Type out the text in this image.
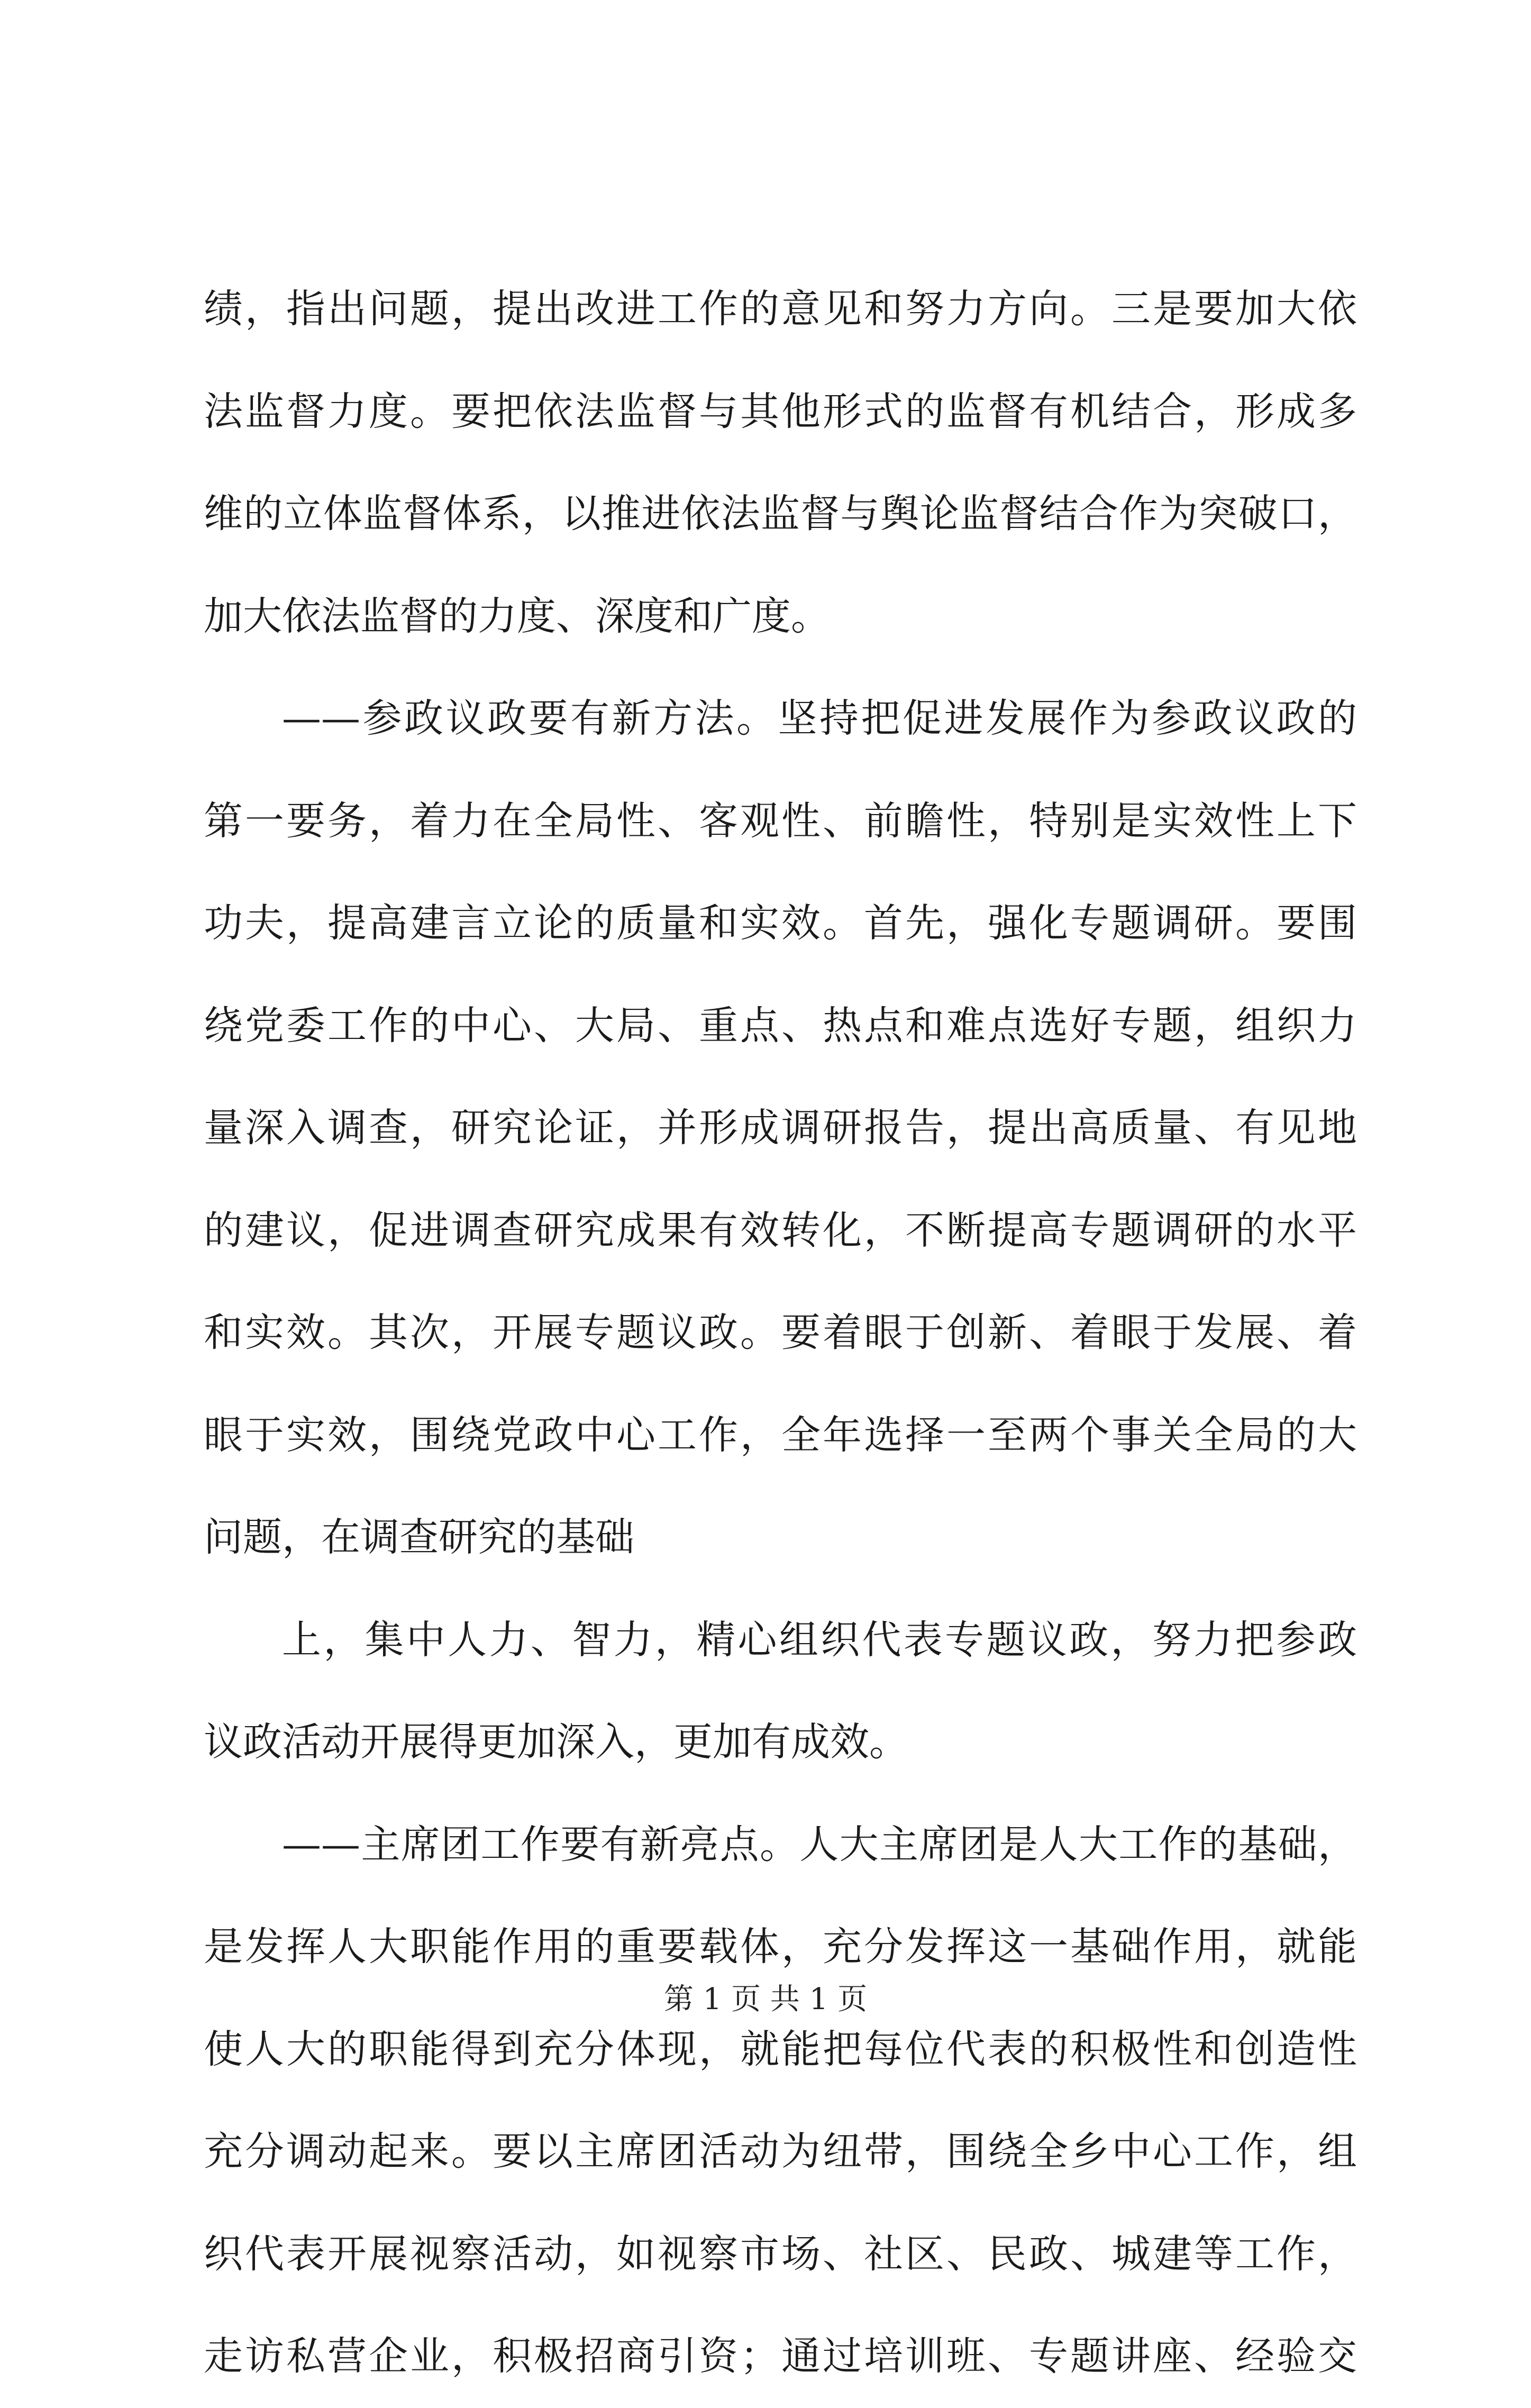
绩，指出问题，提出改进工作的意见和努力方向。三是要加大依
法监督力度。要把依法监督与其他形式的监督有机结合，形成多
维的立体监督体系，以推进依法监督与舆论监督结合作为突破口，
加大依法监督的力度、深度和广度。
——参政议政要有新方法。坚持把促进发展作为参政议政的
第一要务，着力在全局性、客观性、前瞻性，特别是实效性上下
功夫，提高建言立论的质量和实效。首先，强化专题调研。要围
绕党委工作的中心、大局、重点、热点和难点选好专题，组织力
量深入调查，研究论证，并形成调研报告，提出高质量、有见地
的建议，促进调查研究成果有效转化，不断提高专题调研的水平
和实效。其次，开展专题议政。要着眼于创新、着眼于发展、着
眼于实效，围绕党政中心工作，全年选择一至两个事关全局的大
问题，在调查研究的基础
上，集中人力、智力，精心组织代表专题议政，努力把参政
议政活动开展得更加深入，更加有成效。
——主席团工作要有新亮点。人大主席团是人大工作的基础，
是发挥人大职能作用的重要载体，充分发挥这一基础作用，就能
使人大的职能得到充分体现，就能把每位代表的积极性和创造性
充分调动起来。要以主席团活动为纽带，围绕全乡中心工作，组
织代表开展视察活动，如视察市场、社区、民政、城建等工作，
走访私营企业，积极招商引资；通过培训班、专题讲座、经验交
第 1 页 共 1 页
